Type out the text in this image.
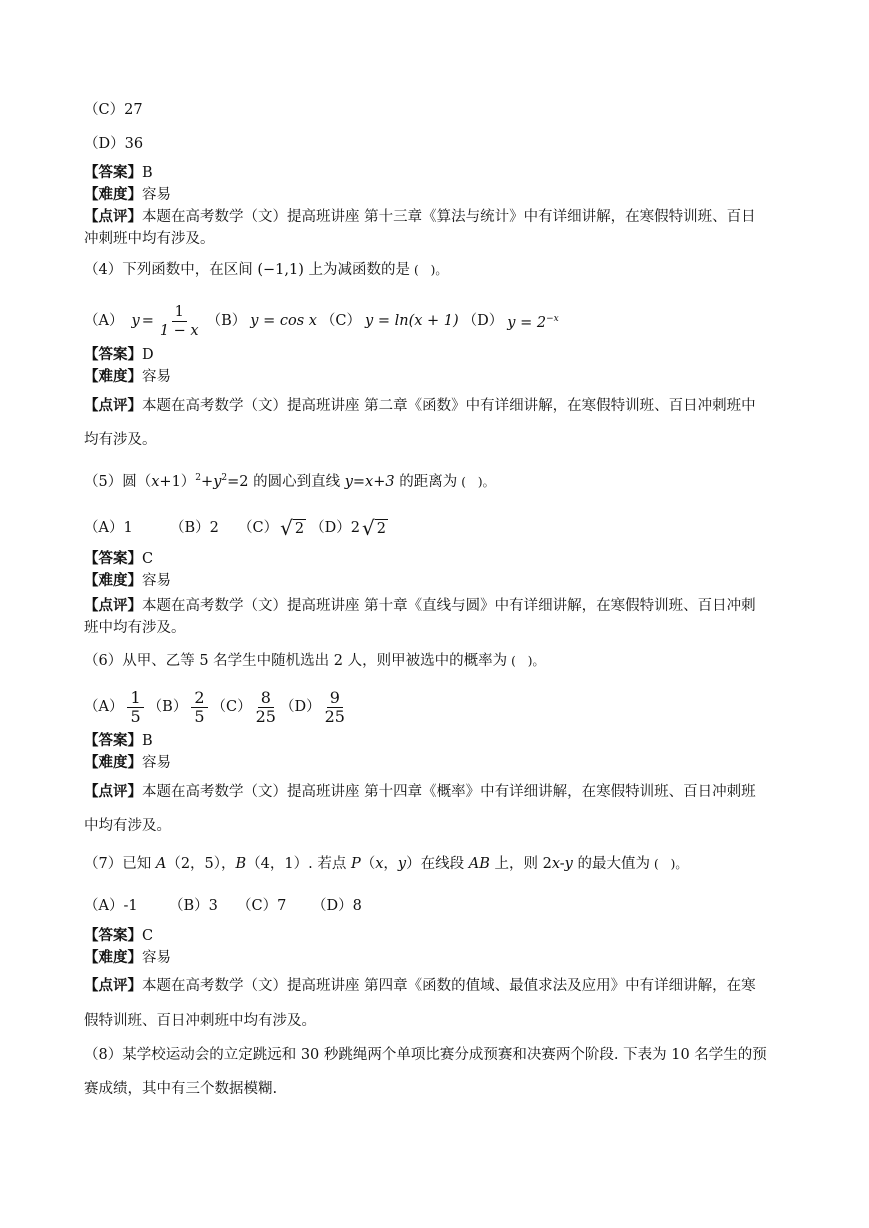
（C）27
（D）36
【答案】B
【难度】容易
【点评】本题在高考数学（文）提高班讲座 第十三章《算法与统计》中有详细讲解，在寒假特训班、百日
冲刺班中均有涉及。
（4）下列函数中，在区间 (−1,1) 上为减函数的是 (　)。
（A） $y = \frac{1}{1 - x} (B) y = \cos x$ （C） y = ln(x + 1) （D） $y = 2^{-x}$
【答案】D
【难度】容易
【点评】本题在高考数学（文）提高班讲座 第二章《函数》中有详细讲解，在寒假特训班、百日冲刺班中
均有涉及。
（5）圆$(x+1)^2+y^2=2$ 的圆心到直线 y=x+3 的距离为 (　)。
（A）1	（B）2	（C） √ 2 （D）2 √ 2
【答案】C
【难度】容易
【点评】本题在高考数学（文）提高班讲座 第十章《直线与圆》中有详细讲解，在寒假特训班、百日冲刺
班中均有涉及。
（6）从甲、乙等 5 名学生中随机选出 2 人，则甲被选中的概率为 (　)。
$(A) \frac{1}{5} (B) \frac{2}{5} (C) \frac{8}{25} (D) \frac{9}{25}$
【答案】B
【难度】容易
【点评】本题在高考数学（文）提高班讲座 第十四章《概率》中有详细讲解，在寒假特训班、百日冲刺班
中均有涉及。
（7）已知 A（2，5），B（4，1）. 若点 P（x，y）在线段 AB 上，则 2x-y 的最大值为 (　)。
（A）-1 （B）3 （C）7 （D）8
【答案】C
【难度】容易
【点评】本题在高考数学（文）提高班讲座 第四章《函数的值域、最值求法及应用》中有详细讲解，在寒
假特训班、百日冲刺班中均有涉及。
（8）某学校运动会的立定跳远和 30 秒跳绳两个单项比赛分成预赛和决赛两个阶段. 下表为 10 名学生的预
赛成绩，其中有三个数据模糊.
